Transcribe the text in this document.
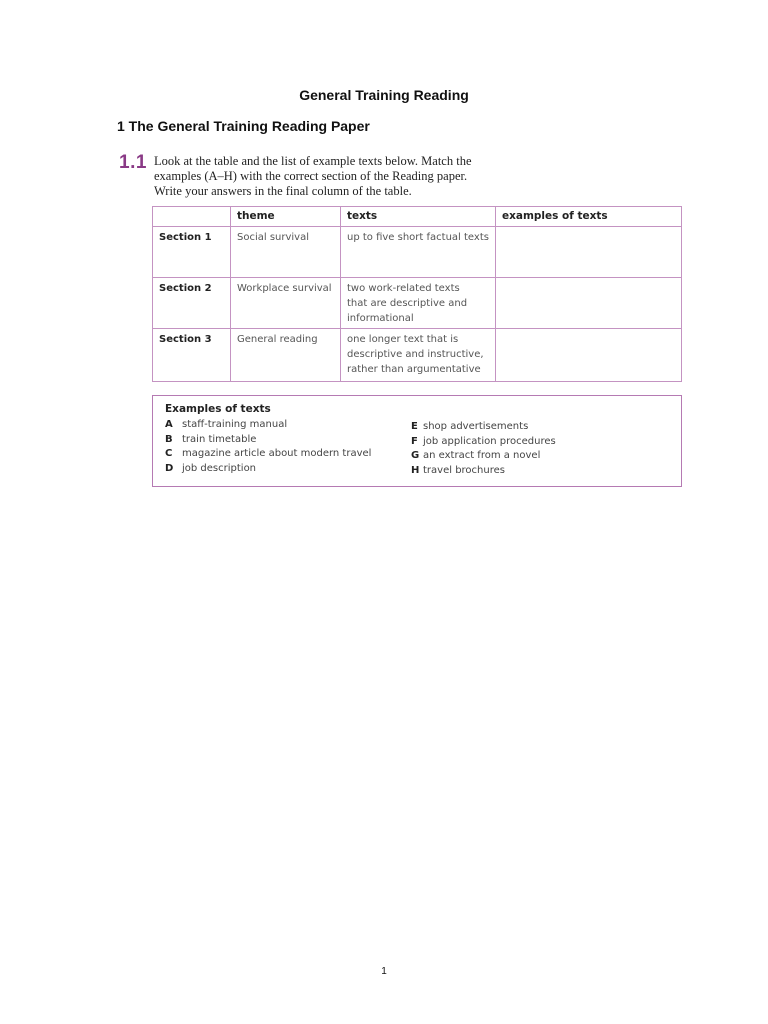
General Training Reading
1 The General Training Reading Paper
1.1 Look at the table and the list of example texts below. Match the
examples (A–H) with the correct section of the Reading paper.
Write your answers in the final column of the table.
	theme	texts	examples of texts
Section 1	Social survival	up to five short factual texts	

Section 2	Workplace survival	two work-related texts
that are descriptive and
informational	

Section 3	General reading	one longer text that is
descriptive and instructive,
rather than argumentative	

Examples of texts
A staff-training manual
B train timetable
C magazine article about modern travel
D job description
E shop advertisements
F job application procedures
G an extract from a novel
H travel brochures
1
